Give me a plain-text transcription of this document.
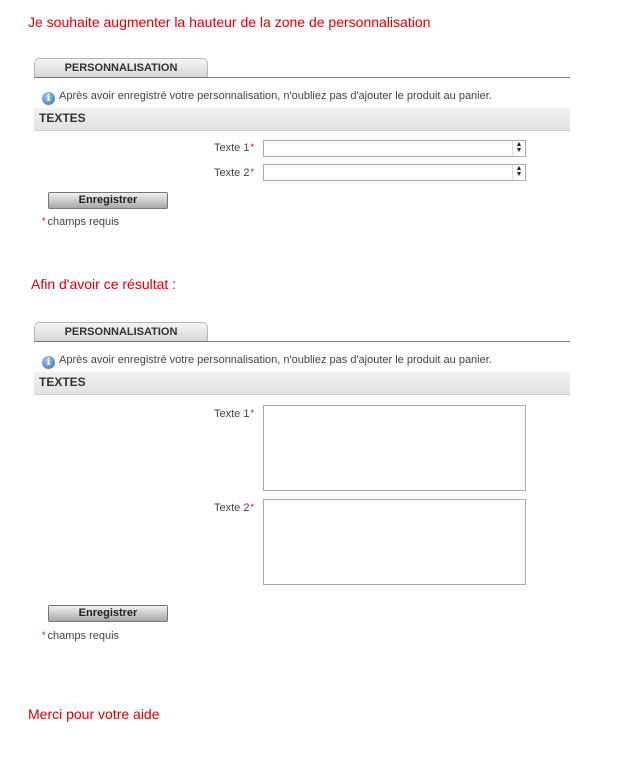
Je souhaite augmenter la hauteur de la zone de personnalisation
PERSONNALISATION
i Après avoir enregistré votre personnalisation, n'oubliez pas d'ajouter le produit au panier.
TEXTES
Texte 1*	▲
▼
Texte 2*	▲
▼
Enregistrer
* champs requis
Afin d'avoir ce résultat :
PERSONNALISATION
i Après avoir enregistré votre personnalisation, n'oubliez pas d'ajouter le produit au panier.
TEXTES
Texte 1*
Texte 2*
Enregistrer
* champs requis
Merci pour votre aide
